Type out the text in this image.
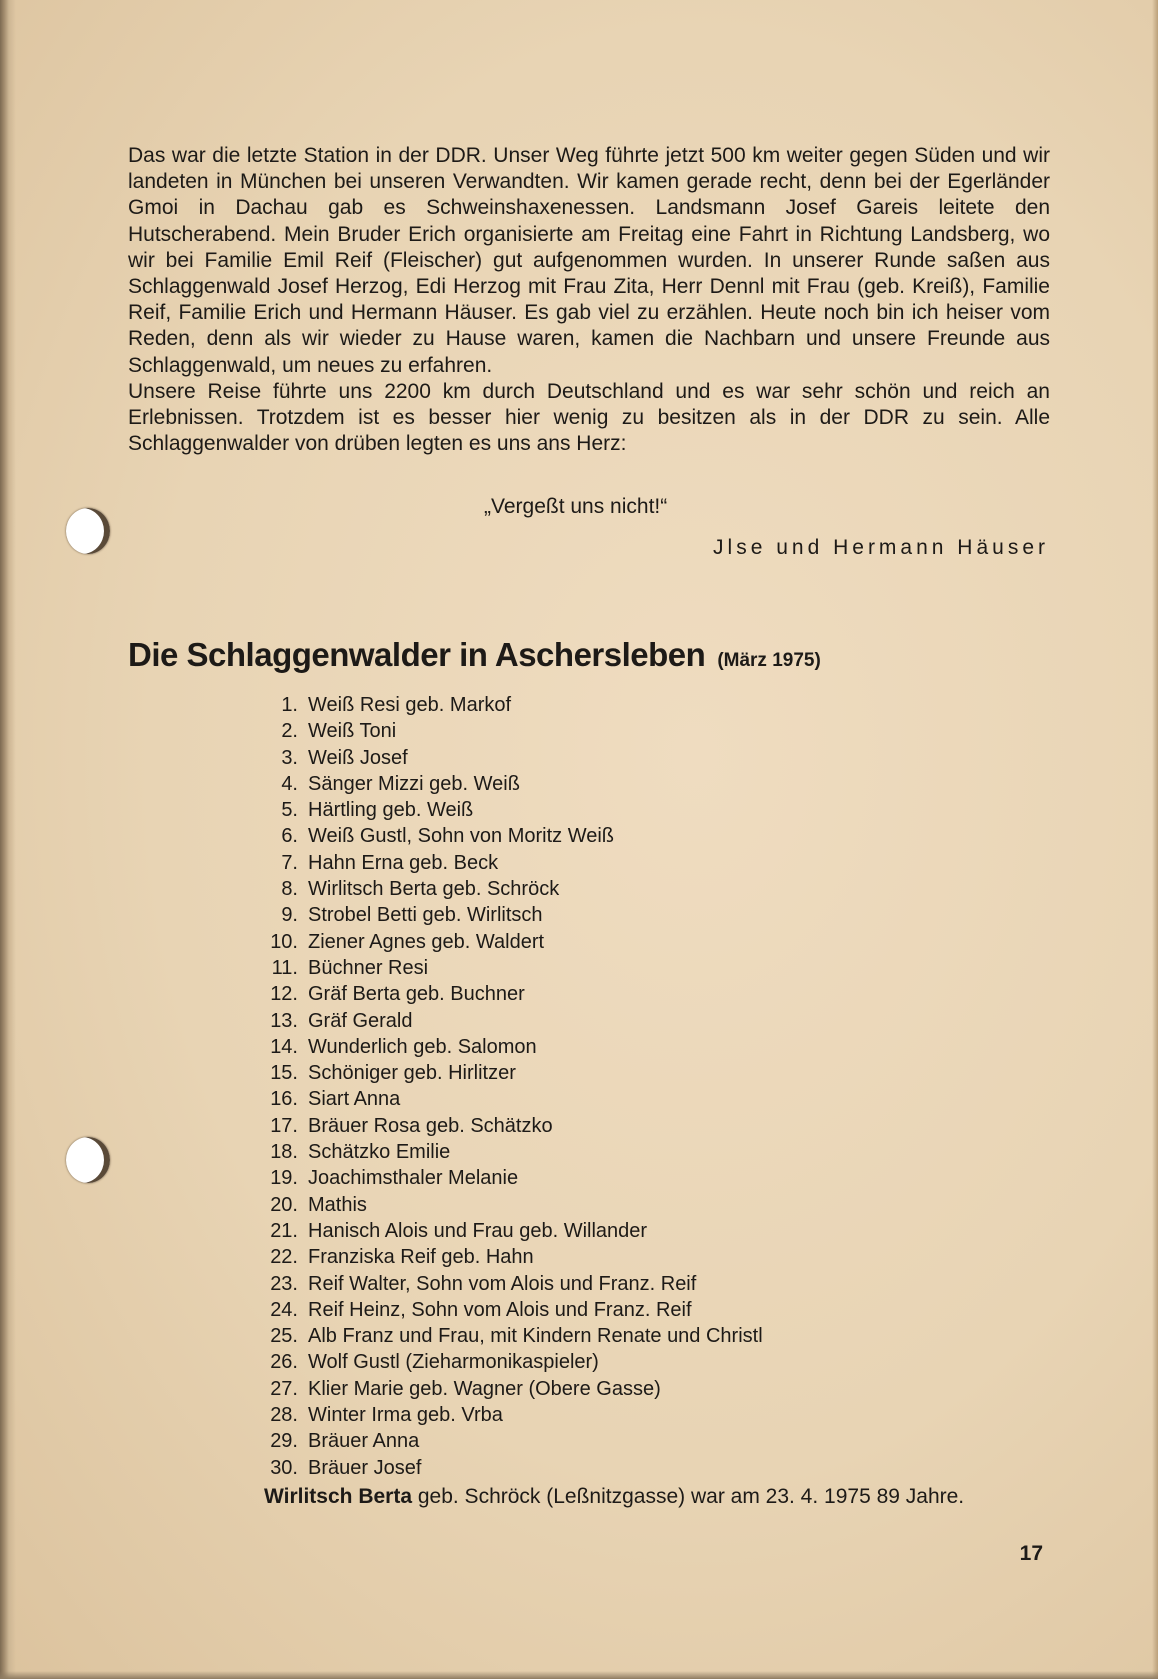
Das war die letzte Station in der DDR. Unser Weg führte jetzt 500 km weiter gegen Süden und wir landeten in München bei unseren Verwandten. Wir kamen gerade recht, denn bei der Egerländer Gmoi in Dachau gab es Schweinshaxenessen. Landsmann Josef Gareis leitete den Hutscherabend. Mein Bruder Erich organisierte am Freitag eine Fahrt in Richtung Landsberg, wo wir bei Familie Emil Reif (Fleischer) gut aufgenommen wurden. In unserer Runde saßen aus Schlaggenwald Josef Herzog, Edi Herzog mit Frau Zita, Herr Dennl mit Frau (geb. Kreiß), Familie Reif, Familie Erich und Hermann Häuser. Es gab viel zu erzählen. Heute noch bin ich heiser vom Reden, denn als wir wieder zu Hause waren, kamen die Nachbarn und unsere Freunde aus Schlaggenwald, um neues zu erfahren.

Unsere Reise führte uns 2200 km durch Deutschland und es war sehr schön und reich an Erlebnissen. Trotzdem ist es besser hier wenig zu besitzen als in der DDR zu sein. Alle Schlaggenwalder von drüben legten es uns ans Herz:

„Vergeßt uns nicht!“

Jlse und Hermann Häuser

Die Schlaggenwalder in Aschersleben (März 1975)
1. Weiß Resi geb. Markof
2. Weiß Toni
3. Weiß Josef
4. Sänger Mizzi geb. Weiß
5. Härtling geb. Weiß
6. Weiß Gustl, Sohn von Moritz Weiß
7. Hahn Erna geb. Beck
8. Wirlitsch Berta geb. Schröck
9. Strobel Betti geb. Wirlitsch
10. Ziener Agnes geb. Waldert
11. Büchner Resi
12. Gräf Berta geb. Buchner
13. Gräf Gerald
14. Wunderlich geb. Salomon
15. Schöniger geb. Hirlitzer
16. Siart Anna
17. Bräuer Rosa geb. Schätzko
18. Schätzko Emilie
19. Joachimsthaler Melanie
20. Mathis
21. Hanisch Alois und Frau geb. Willander
22. Franziska Reif geb. Hahn
23. Reif Walter, Sohn vom Alois und Franz. Reif
24. Reif Heinz, Sohn vom Alois und Franz. Reif
25. Alb Franz und Frau, mit Kindern Renate und Christl
26. Wolf Gustl (Zieharmonikaspieler)
27. Klier Marie geb. Wagner (Obere Gasse)
28. Winter Irma geb. Vrba
29. Bräuer Anna
30. Bräuer Josef

Wirlitsch Berta geb. Schröck (Leßnitzgasse) war am 23. 4. 1975 89 Jahre.

17
